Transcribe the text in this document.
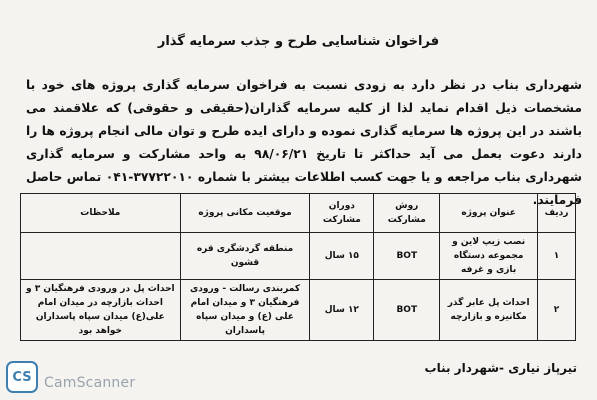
فراخوان شناسایی طرح و جذب سرمایه گذار
شهرداری بناب در نظر دارد به زودی نسبت به فراخوان سرمایه گذاری پروژه های خود با مشخصات ذیل اقدام نماید لذا از کلیه سرمایه گذاران(حقیقی و حقوقی) که علاقمند می باشند در این پروژه ها سرمایه گذاری نموده و دارای ایده طرح و توان مالی انجام پروژه ها را دارند دعوت بعمل می آید حداکثر تا تاریخ ۹۸/۰۶/۲۱ به واحد مشارکت و سرمایه گذاری شهرداری بناب مراجعه و یا جهت کسب اطلاعات بیشتر با شماره ۳۷۷۲۲۰۱۰-۰۴۱ تماس حاصل فرمایند.
ردیف	عنوان پروژه	روش مشارکت	دوران مشارکت	موقعیت مکانی پروژه	ملاحظات
۱	نصب زیپ لاین و مجموعه دستگاه بازی و غرفه	BOT	۱۵ سال	منطقه گردشگری قره قشون	
۲	احداث پل عابر گذر مکانیزه و بازارچه	BOT	۱۲ سال	کمربندی رسالت - ورودی فرهنگیان ۳ و میدان امام علی (ع) و میدان سپاه پاسداران	احداث پل در ورودی فرهنگیان ۳ و احداث بازارچه در میدان امام علی(ع) میدان سپاه پاسداران خواهد بود
تیرپاز نیاری -شهردار بناب
CS CamScanner
